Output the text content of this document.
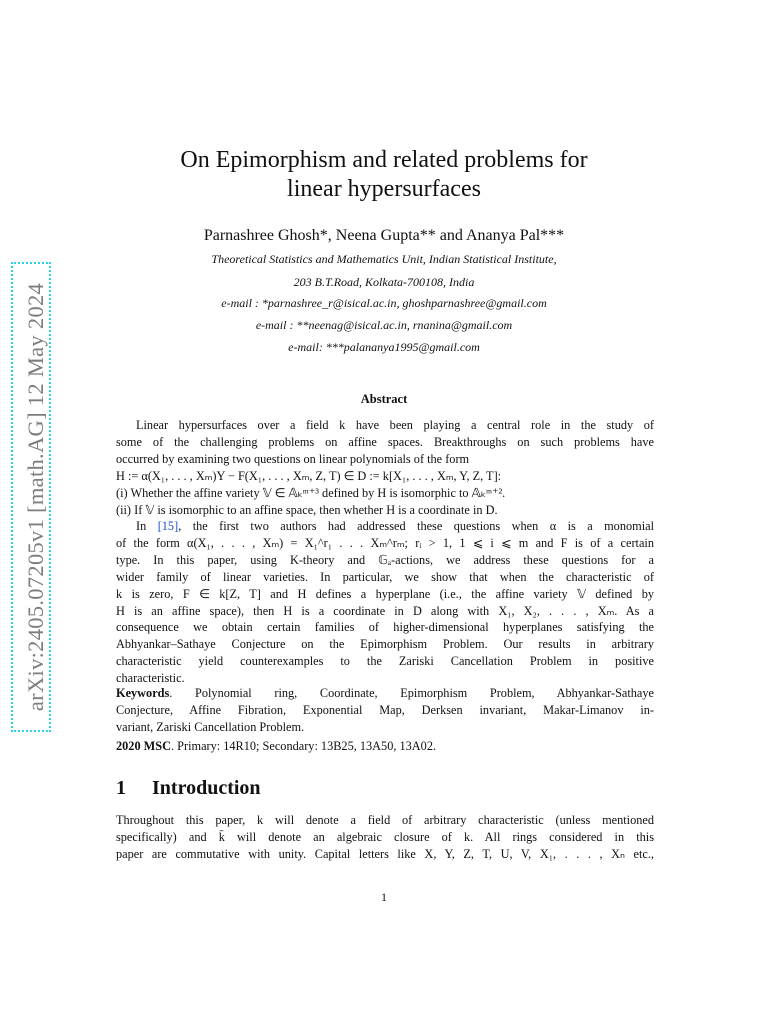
arXiv:2405.07205v1 [math.AG] 12 May 2024
On Epimorphism and related problems for
linear hypersurfaces
Parnashree Ghosh*, Neena Gupta** and Ananya Pal***
Theoretical Statistics and Mathematics Unit, Indian Statistical Institute,
203 B.T.Road, Kolkata-700108, India
e-mail : *parnashree_r@isical.ac.in, ghoshparnashree@gmail.com
e-mail : **neenag@isical.ac.in, rnanina@gmail.com
e-mail: ***palananya1995@gmail.com
Abstract
Linear hypersurfaces over a field k have been playing a central role in the study of
some of the challenging problems on affine spaces. Breakthroughs on such problems have
occurred by examining two questions on linear polynomials of the form
H := α(X₁, . . . , Xₘ)Y − F(X₁, . . . , Xₘ, Z, T) ∈ D := k[X₁, . . . , Xₘ, Y, Z, T]:
(i) Whether the affine variety 𝕍 ∈ 𝔸ₖᵐ⁺³ defined by H is isomorphic to 𝔸ₖᵐ⁺².
(ii) If 𝕍 is isomorphic to an affine space, then whether H is a coordinate in D.
In [15], the first two authors had addressed these questions when α is a monomial
of the form α(X₁, . . . , Xₘ) = X₁^r₁ . . . Xₘ^rₘ; rᵢ > 1, 1 ⩽ i ⩽ m and F is of a certain
type. In this paper, using K-theory and 𝔾ₐ-actions, we address these questions for a
wider family of linear varieties. In particular, we show that when the characteristic of
k is zero, F ∈ k[Z, T] and H defines a hyperplane (i.e., the affine variety 𝕍 defined by
H is an affine space), then H is a coordinate in D along with X₁, X₂, . . . , Xₘ. As a
consequence we obtain certain families of higher-dimensional hyperplanes satisfying the
Abhyankar–Sathaye Conjecture on the Epimorphism Problem. Our results in arbitrary
characteristic yield counterexamples to the Zariski Cancellation Problem in positive
characteristic.
Keywords. Polynomial ring, Coordinate, Epimorphism Problem, Abhyankar-Sathaye
Conjecture, Affine Fibration, Exponential Map, Derksen invariant, Makar-Limanov in-
variant, Zariski Cancellation Problem.
2020 MSC. Primary: 14R10; Secondary: 13B25, 13A50, 13A02.
1 Introduction
Throughout this paper, k will denote a field of arbitrary characteristic (unless mentioned
specifically) and k̄ will denote an algebraic closure of k. All rings considered in this
paper are commutative with unity. Capital letters like X, Y, Z, T, U, V, X₁, . . . , Xₙ etc.,
1
